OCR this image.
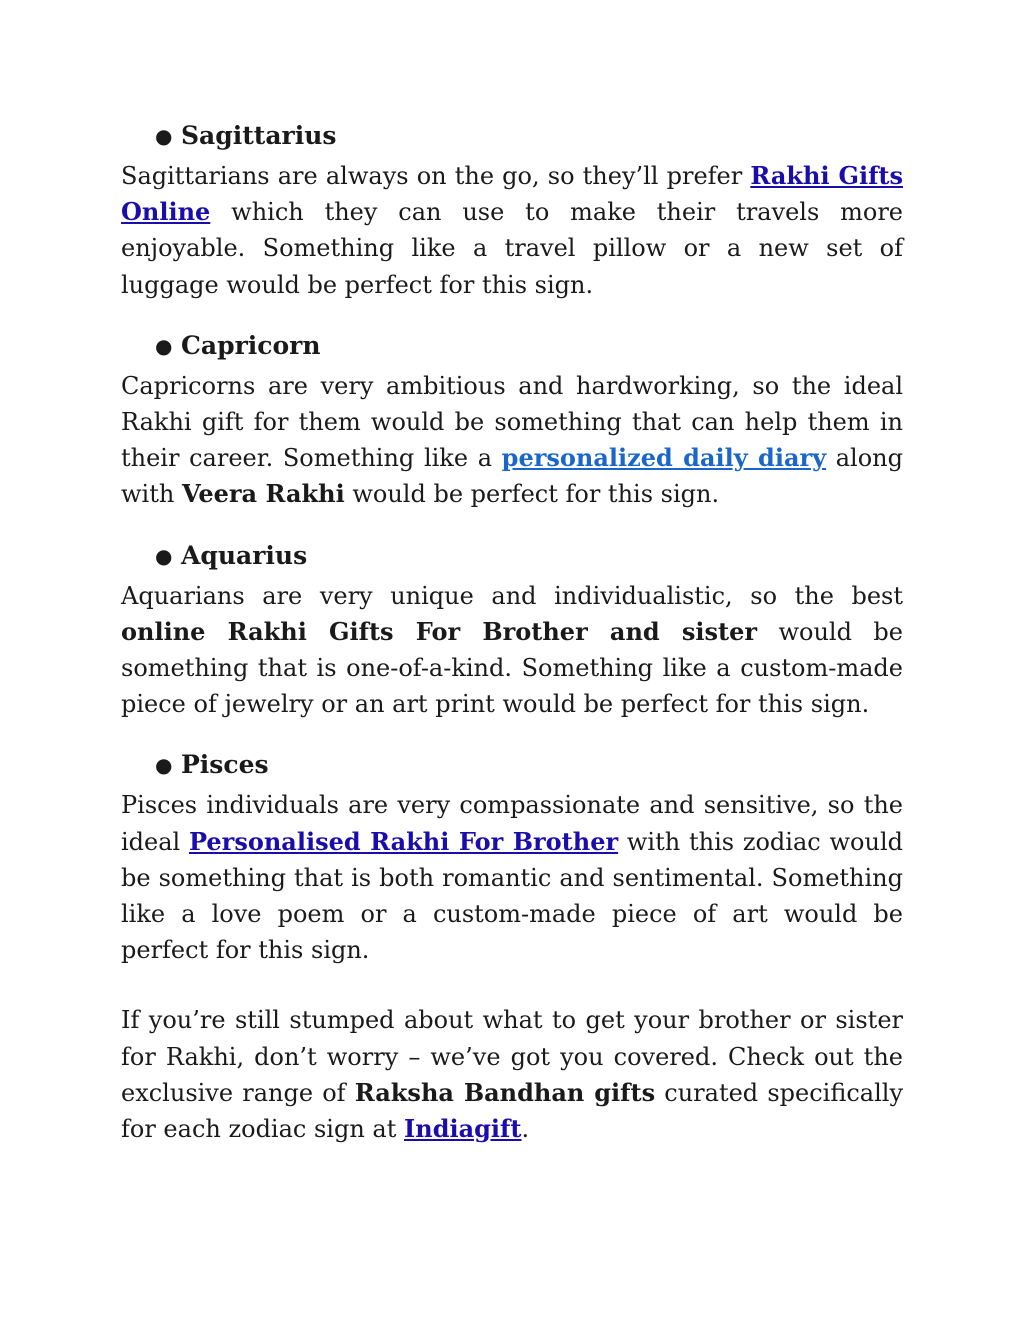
● Sagittarius

Sagittarians are always on the go, so they’ll prefer Rakhi Gifts Online which they can use to make their travels more enjoyable. Something like a travel pillow or a new set of luggage would be perfect for this sign.

● Capricorn

Capricorns are very ambitious and hardworking, so the ideal Rakhi gift for them would be something that can help them in their career. Something like a personalized daily diary along with Veera Rakhi would be perfect for this sign.

● Aquarius

Aquarians are very unique and individualistic, so the best online Rakhi Gifts For Brother and sister would be something that is one-of-a-kind. Something like a custom-made piece of jewelry or an art print would be perfect for this sign.

● Pisces

Pisces individuals are very compassionate and sensitive, so the ideal Personalised Rakhi For Brother with this zodiac would be something that is both romantic and sentimental. Something like a love poem or a custom-made piece of art would be perfect for this sign.

If you’re still stumped about what to get your brother or sister for Rakhi, don’t worry – we’ve got you covered. Check out the exclusive range of Raksha Bandhan gifts curated specifically for each zodiac sign at Indiagift.
